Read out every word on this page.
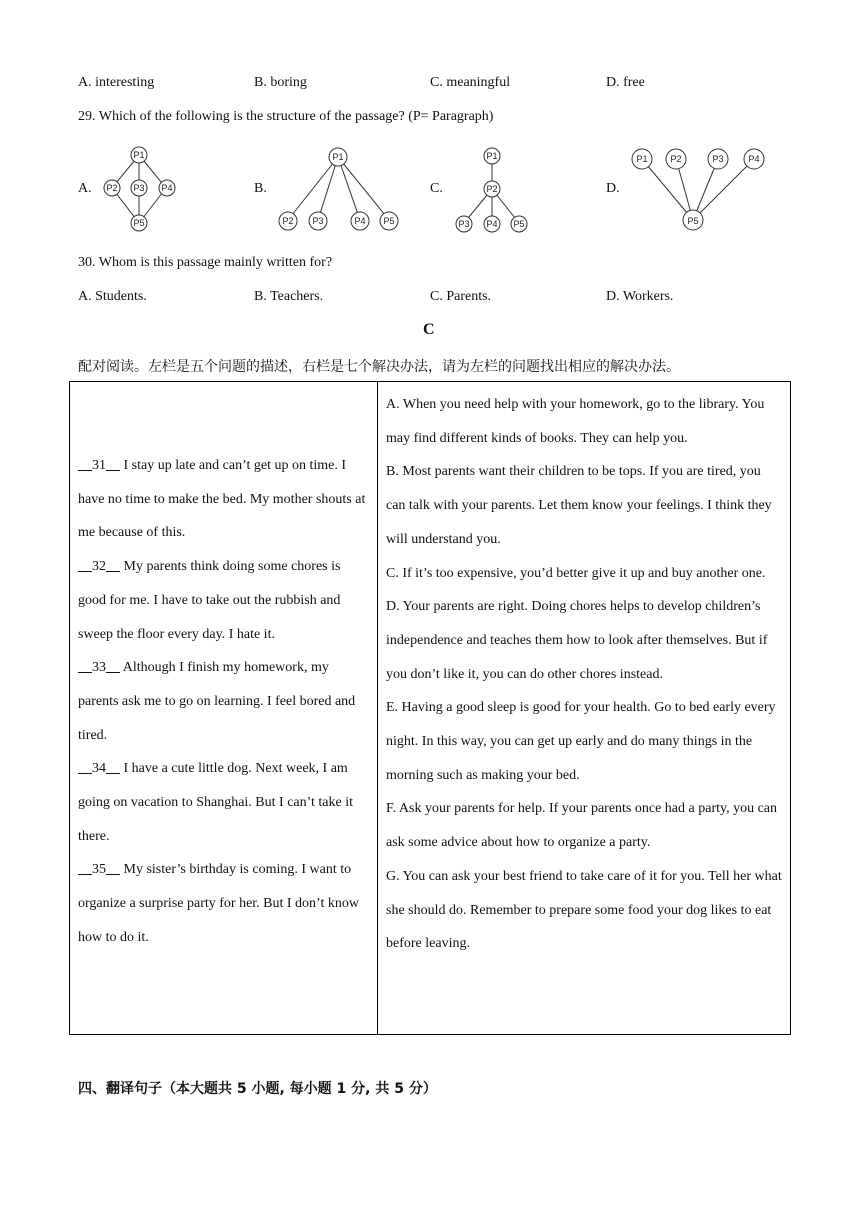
A. interesting	B. boring	C. meaningful	D. free
29. Which of the following is the structure of the passage? (P= Paragraph)
A.	B.	C.	D.
P1
P2 P3 P4
P5
P1
P2 P3	P4 P5
P1
P2
P3 P4 P5
P1	P2	P3	P4
P5
30. Whom is this passage mainly written for?
A. Students.	B. Teachers.	C. Parents.	D. Workers.
C
配对阅读。左栏是五个问题的描述，右栏是七个解决办法，请为左栏的问题找出相应的解决办法。
31 I stay up late and can’t get up on time. I have no time to make the bed. My mother shouts at me because of this.
32 My parents think doing some chores is good for me. I have to take out the rubbish and sweep the floor every day. I hate it.
33 Although I finish my homework, my parents ask me to go on learning. I feel bored and tired.
34 I have a cute little dog. Next week, I am going on vacation to Shanghai. But I can’t take it there.
35 My sister’s birthday is coming. I want to organize a surprise party for her. But I don’t know how to do it.

A. When you need help with your homework, go to the library. You may find different kinds of books. They can help you.
B. Most parents want their children to be tops. If you are tired, you can talk with your parents. Let them know your feelings. I think they will understand you.
C. If it’s too expensive, you’d better give it up and buy another one.
D. Your parents are right. Doing chores helps to develop children’s independence and teaches them how to look after themselves. But if you don’t like it, you can do other chores instead.
E. Having a good sleep is good for your health. Go to bed early every night. In this way, you can get up early and do many things in the morning such as making your bed.
F. Ask your parents for help. If your parents once had a party, you can ask some advice about how to organize a party.
G. You can ask your best friend to take care of it for you. Tell her what she should do. Remember to prepare some food your dog likes to eat before leaving.
四、翻译句子（本大题共 5 小题, 每小题 1 分, 共 5 分）
